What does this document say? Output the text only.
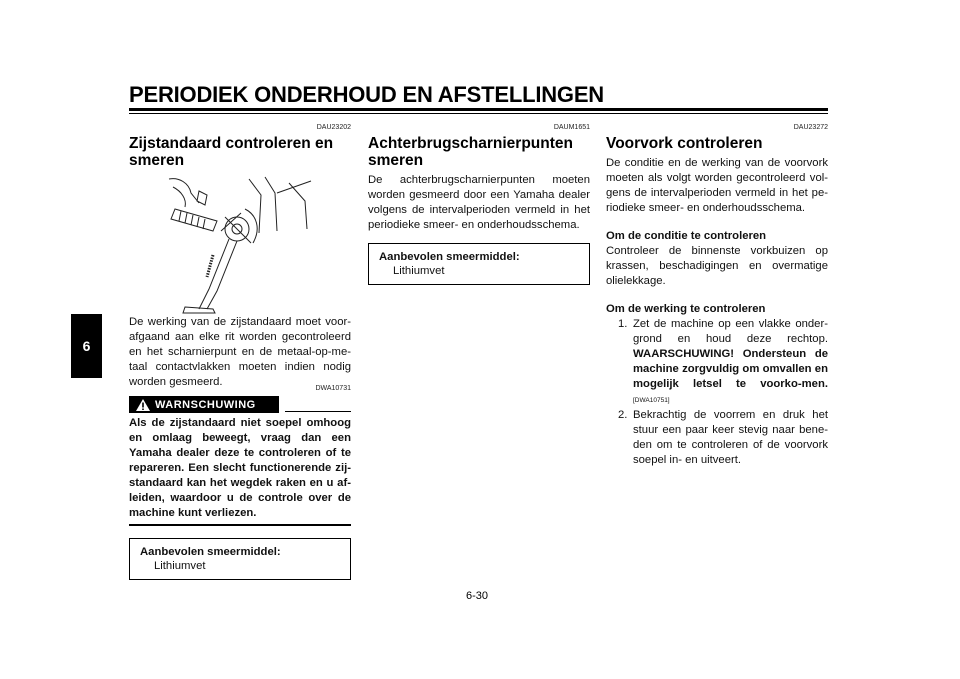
PERIODIEK ONDERHOUD EN AFSTELLINGEN
6
DAU23202
Zijstandaard controleren en smeren

De werking van de zijstandaard moet voor-afgaand aan elke rit worden gecontroleerd en het scharnierpunt en de metaal-op-me-taal contactvlakken moeten indien nodig worden gesmeerd.

DWA10731
WARNSCHUWING

Als de zijstandaard niet soepel omhoog en omlaag beweegt, vraag dan een Yamaha dealer deze te controleren of te repareren. Een slecht functionerende zij-standaard kan het wegdek raken en u af-leiden, waardoor u de controle over de machine kunt verliezen.

Aanbevolen smeermiddel:
Lithiumvet
DAUM1651
Achterbrugscharnierpunten smeren

De achterbrugscharnierpunten moeten worden gesmeerd door een Yamaha dealer volgens de intervalperioden vermeld in het periodieke smeer- en onderhoudsschema.

Aanbevolen smeermiddel:
Lithiumvet
DAU23272
Voorvork controleren

De conditie en de werking van de voorvork moeten als volgt worden gecontroleerd vol-gens de intervalperioden vermeld in het pe-riodieke smeer- en onderhoudsschema.

Om de conditie te controleren

Controleer de binnenste vorkbuizen op krassen, beschadigingen en overmatige olielekkage.

Om de werking te controleren
1. Zet de machine op een vlakke onder-grond en houd deze rechtop. WAARSCHUWING! Ondersteun de machine zorgvuldig om omvallen en mogelijk letsel te voorko-men.[DWA10751]
2. Bekrachtig de voorrem en druk het stuur een paar keer stevig naar bene-den om te controleren of de voorvork soepel in- en uitveert.
6-30
